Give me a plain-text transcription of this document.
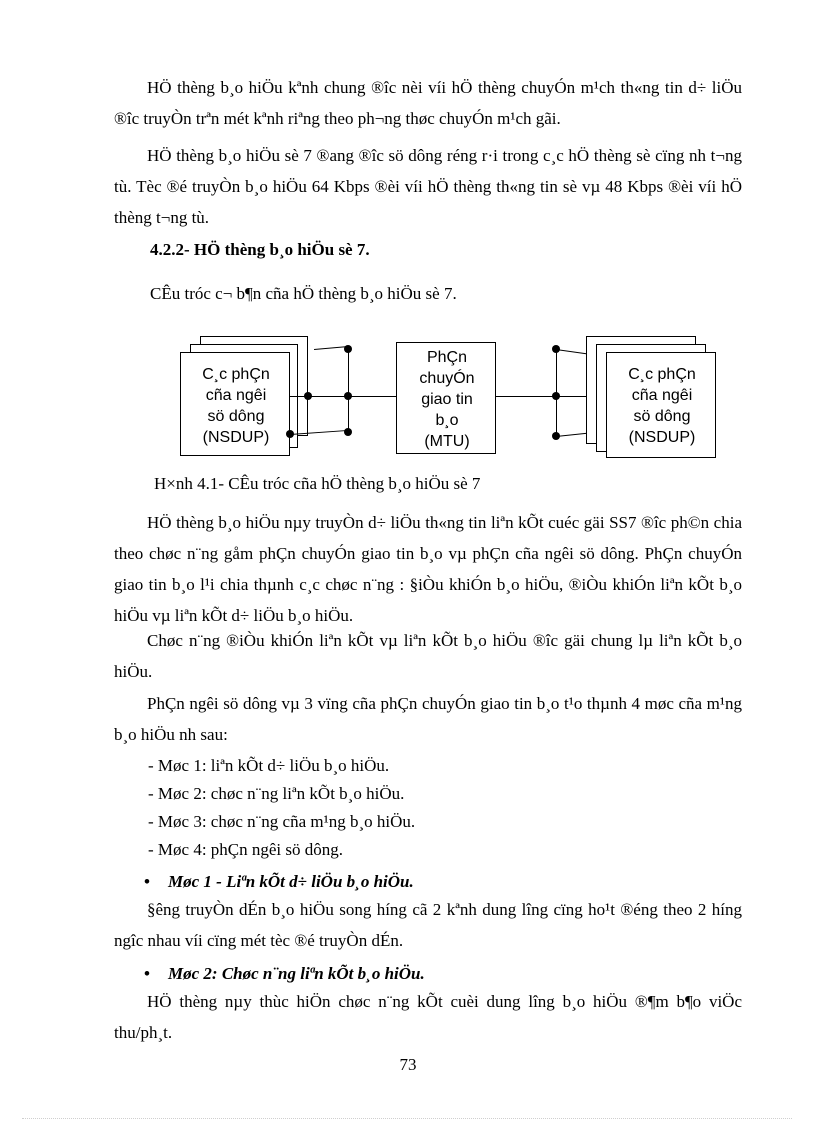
HÖ thèng b¸o hiÖu kªnh chung ®îc nèi víi hÖ thèng chuyÓn m¹ch th«ng tin d÷ liÖu ®îc truyÒn trªn mét kªnh riªng theo ph¬ng thøc chuyÓn m¹ch gãi.

HÖ thèng b¸o hiÖu sè 7 ®ang ®îc sö dông réng r·i trong c¸c hÖ thèng sè cïng nh t¬ng tù. Tèc ®é truyÒn b¸o hiÖu 64 Kbps ®èi víi hÖ thèng th«ng tin sè vµ 48 Kbps ®èi víi hÖ thèng t¬ng tù.

4.2.2- HÖ thèng b¸o hiÖu sè 7.

CÊu tróc c¬ b¶n cña hÖ thèng b¸o hiÖu sè 7.

C¸c phÇn
cña ngêi
sö dông
(NSDUP)
PhÇn
chuyÓn
giao tin
b¸o
(MTU)
C¸c phÇn
cña ngêi
sö dông
(NSDUP)

H×nh 4.1- CÊu tróc cña hÖ thèng b¸o hiÖu sè 7

HÖ thèng b¸o hiÖu nµy truyÒn d÷ liÖu th«ng tin liªn kÕt cuéc gäi SS7 ®îc ph©n chia theo chøc n¨ng gåm phÇn chuyÓn giao tin b¸o vµ phÇn cña ngêi sö dông. PhÇn chuyÓn giao tin b¸o l¹i chia thµnh c¸c chøc n¨ng : §iÒu khiÓn b¸o hiÖu, ®iÒu khiÓn liªn kÕt b¸o hiÖu vµ liªn kÕt d÷ liÖu b¸o hiÖu.

Chøc n¨ng ®iÒu khiÓn liªn kÕt vµ liªn kÕt b¸o hiÖu ®îc gäi chung lµ liªn kÕt b¸o hiÖu.

PhÇn ngêi sö dông vµ 3 vïng cña phÇn chuyÓn giao tin b¸o t¹o thµnh 4 møc cña m¹ng b¸o hiÖu nh sau:

- Møc 1: liªn kÕt d÷ liÖu b¸o hiÖu.

- Møc 2: chøc n¨ng liªn kÕt b¸o hiÖu.

- Møc 3: chøc n¨ng cña m¹ng b¸o hiÖu.

- Møc 4: phÇn ngêi sö dông.

• Møc 1 - Liªn kÕt d÷ liÖu b¸o hiÖu.

§êng truyÒn dÉn b¸o hiÖu song híng cã 2 kªnh dung lîng cïng ho¹t ®éng theo 2 híng ngîc nhau víi cïng mét tèc ®é truyÒn dÉn.

• Møc 2: Chøc n¨ng liªn kÕt b¸o hiÖu.

HÖ thèng nµy thùc hiÖn chøc n¨ng kÕt cuèi dung lîng b¸o hiÖu ®¶m b¶o viÖc thu/ph¸t.

73
